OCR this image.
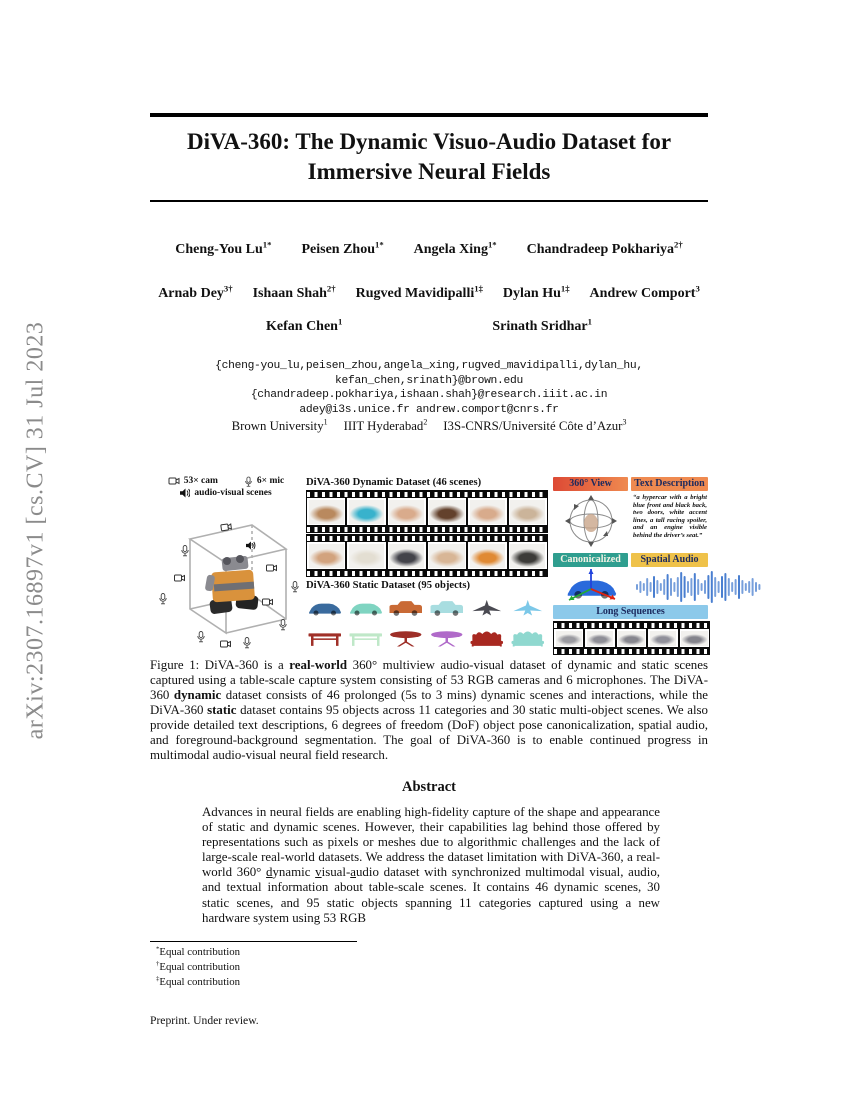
arXiv:2307.16897v1 [cs.CV] 31 Jul 2023
DiVA-360: The Dynamic Visuo-Audio Dataset for
Immersive Neural Fields
Cheng-You $Lu^{1*}$ Peisen Zhou$^{1*}$ Angela Xing$^{1*}$ Chandradeep Pokhariya$^{2\dagger}$
Arnab Dey$^{3\dagger}$ Ishaan Shah$^{2\dagger}$ Rugved Mavidipalli$^{1\ddagger}$ Dylan $Hu^{1\ddagger}$ Andrew Comport$^3$
Kefan Chen$^1$	Srinath Sridhar$^1$
{cheng-you_lu,peisen_zhou,angela_xing,rugved_mavidipalli,dylan_hu,
kefan_chen,srinath}@brown.edu
{chandradeep.pokhariya,ishaan.shah}@research.iiit.ac.in
adey@i3s.unice.fr andrew.comport@cnrs.fr
Brown University$^1$ IIIT Hyderabad$^2$ I3S-CNRS/Université Côte d’Azur$^3$
53× cam	6× mic
audio-visual scenes
DiVA-360 Dynamic Dataset (46 scenes)
DiVA-360 Static Dataset (95 objects)
360° View	Text Description
“a hypercar with a bright blue front and black back, two doors, white accent lines, a tall racing spoiler, and an engine visible behind the driver’s seat.”
Canonicalized	Spatial Audio
Long Sequences
Figure 1: DiVA-360 is a real-world 360° multiview audio-visual dataset of dynamic and static scenes captured using a table-scale capture system consisting of 53 RGB cameras and 6 microphones. The DiVA-360 dynamic dataset consists of 46 prolonged (5s to 3 mins) dynamic scenes and interactions, while the DiVA-360 static dataset contains 95 objects across 11 categories and 30 static multi-object scenes. We also provide detailed text descriptions, 6 degrees of freedom (DoF) object pose canonicalization, spatial audio, and foreground-background segmentation. The goal of DiVA-360 is to enable continued progress in multimodal audio-visual neural field research.
Abstract
Advances in neural fields are enabling high-fidelity capture of the shape and appearance of static and dynamic scenes. However, their capabilities lag behind those offered by representations such as pixels or meshes due to algorithmic challenges and the lack of large-scale real-world datasets. We address the dataset limitation with DiVA-360, a real-world 360° dynamic visual-audio dataset with synchronized multimodal visual, audio, and textual information about table-scale scenes. It contains 46 dynamic scenes, 30 static scenes, and 95 static objects spanning 11 categories captured using a new hardware system using 53 RGB
*Equal contribution
†Equal contribution
‡Equal contribution
Preprint. Under review.
